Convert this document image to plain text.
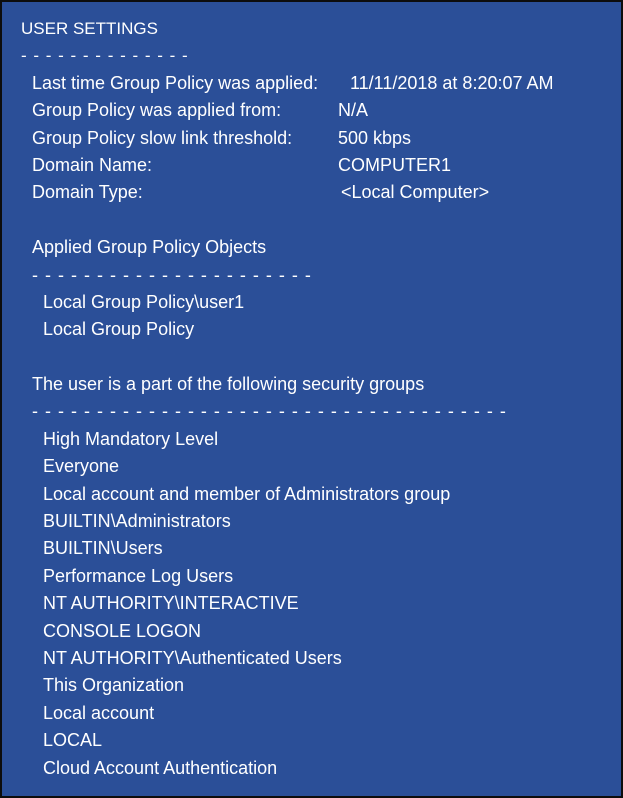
USER SETTINGS
- - - - - - - - - - - - - -
Last time Group Policy was applied:	11/11/2018 at 8:20:07 AM
Group Policy was applied from:	N/A
Group Policy slow link threshold:	500 kbps
Domain Name:	COMPUTER1
Domain Type:	<Local Computer>
Applied Group Policy Objects
- - - - - - - - - - - - - - - - - - - - - -
Local Group Policy\user1
Local Group Policy
The user is a part of the following security groups
- - - - - - - - - - - - - - - - - - - - - - - - - - - - - - - - - - - - -
High Mandatory Level
Everyone
Local account and member of Administrators group
BUILTIN\Administrators
BUILTIN\Users
Performance Log Users
NT AUTHORITY\INTERACTIVE
CONSOLE LOGON
NT AUTHORITY\Authenticated Users
This Organization
Local account
LOCAL
Cloud Account Authentication
